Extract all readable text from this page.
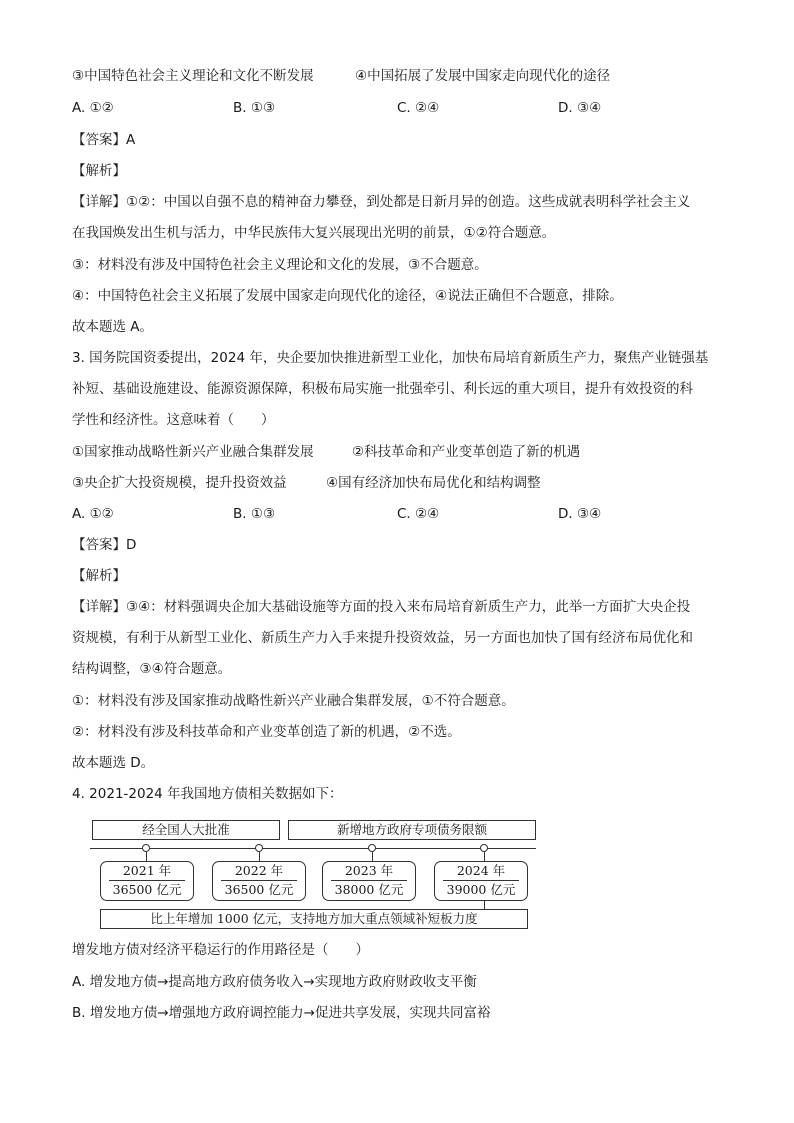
③中国特色社会主义理论和文化不断发展	④中国拓展了发展中国家走向现代化的途径
A. ①②	B. ①③	C. ②④	D. ③④
【答案】A
【解析】
【详解】①②：中国以自强不息的精神奋力攀登，到处都是日新月异的创造。这些成就表明科学社会主义
在我国焕发出生机与活力，中华民族伟大复兴展现出光明的前景，①②符合题意。
③：材料没有涉及中国特色社会主义理论和文化的发展，③不合题意。
④：中国特色社会主义拓展了发展中国家走向现代化的途径，④说法正确但不合题意，排除。
故本题选 A。
3. 国务院国资委提出，2024 年，央企要加快推进新型工业化，加快布局培育新质生产力，聚焦产业链强基
补短、基础设施建设、能源资源保障，积极布局实施一批强牵引、利长远的重大项目，提升有效投资的科
学性和经济性。这意味着（　　）
①国家推动战略性新兴产业融合集群发展	②科技革命和产业变革创造了新的机遇
③央企扩大投资规模，提升投资效益	④国有经济加快布局优化和结构调整
A. ①②	B. ①③	C. ②④	D. ③④
【答案】D
【解析】
【详解】③④：材料强调央企加大基础设施等方面的投入来布局培育新质生产力，此举一方面扩大央企投
资规模，有利于从新型工业化、新质生产力入手来提升投资效益，另一方面也加快了国有经济布局优化和
结构调整，③④符合题意。
①：材料没有涉及国家推动战略性新兴产业融合集群发展，①不符合题意。
②：材料没有涉及科技革命和产业变革创造了新的机遇，②不选。
故本题选 D。
4. 2021-2024 年我国地方债相关数据如下：
经全国人大批准	新增地方政府专项债务限额
2021 年
36500 亿元
2022 年
36500 亿元
2023 年
38000 亿元
2024 年
39000 亿元
比上年增加 1000 亿元，支持地方加大重点领域补短板力度
增发地方债对经济平稳运行的作用路径是（　　）
A. 增发地方债→提高地方政府债务收入→实现地方政府财政收支平衡
B. 增发地方债→增强地方政府调控能力→促进共享发展，实现共同富裕
